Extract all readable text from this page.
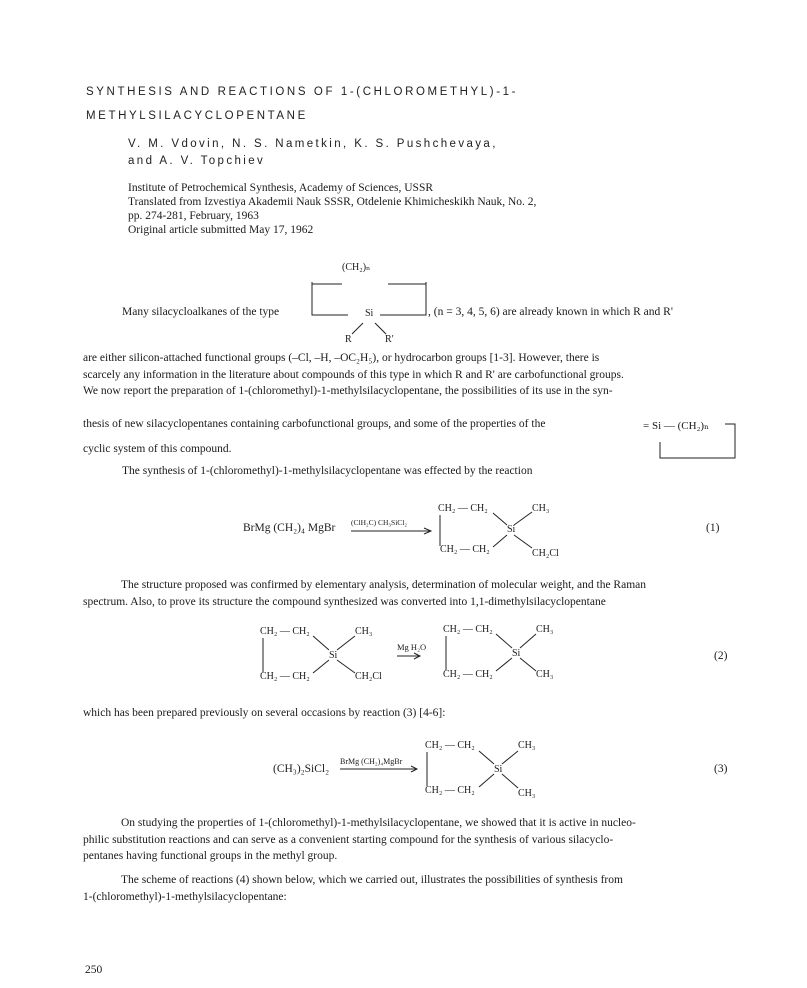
SYNTHESIS AND REACTIONS OF 1-(CHLOROMETHYL)-1-
METHYLSILACYCLOPENTANE
V. M. Vdovin, N. S. Nametkin, K. S. Pushchevaya,
and A. V. Topchiev
Institute of Petrochemical Synthesis, Academy of Sciences, USSR
Translated from Izvestiya Akademii Nauk SSSR, Otdelenie Khimicheskikh Nauk, No. 2,
pp. 274-281, February, 1963
Original article submitted May 17, 1962
Many silacycloalkanes of the type
(CH₂)ₙ
Si
R	R′
, (n = 3, 4, 5, 6) are already known in which R and R'
are either silicon-attached functional groups (–Cl, –H, –OC₂H₅), or hydrocarbon groups [1-3]. However, there is
scarcely any information in the literature about compounds of this type in which R and R' are carbofunctional groups.
We now report the preparation of 1-(chloromethyl)-1-methylsilacyclopentane, the possibilities of its use in the syn-
thesis of new silacyclopentanes containing carbofunctional groups, and some of the properties of the	= Si — (CH₂)ₙ
cyclic system of this compound.
The synthesis of 1-(chloromethyl)-1-methylsilacyclopentane was effected by the reaction
BrMg (CH₂)₄ MgBr (ClH₂C) CH₃SiCl₂
CH₂ — CH₂
CH₂ — CH₂
Si
CH₃
CH₂Cl
(1)
The structure proposed was confirmed by elementary analysis, determination of molecular weight, and the Raman
spectrum. Also, to prove its structure the compound synthesized was converted into 1,1-dimethylsilacyclopentane
CH₂ — CH₂
CH₂ — CH₂
Si
CH₃
CH₂Cl
Mg H₂O
CH₂ — CH₂
CH₂ — CH₂
Si
CH₃
CH₃
(2)
which has been prepared previously on several occasions by reaction (3) [4-6]:
(CH₃)₂SiCl₂
BrMg (CH₂)₄MgBr
CH₂ — CH₂
CH₂ — CH₂
Si
CH₃
CH₃
(3)
On studying the properties of 1-(chloromethyl)-1-methylsilacyclopentane, we showed that it is active in nucleo-
philic substitution reactions and can serve as a convenient starting compound for the synthesis of various silacyclo-
pentanes having functional groups in the methyl group.
The scheme of reactions (4) shown below, which we carried out, illustrates the possibilities of synthesis from
1-(chloromethyl)-1-methylsilacyclopentane:
250
